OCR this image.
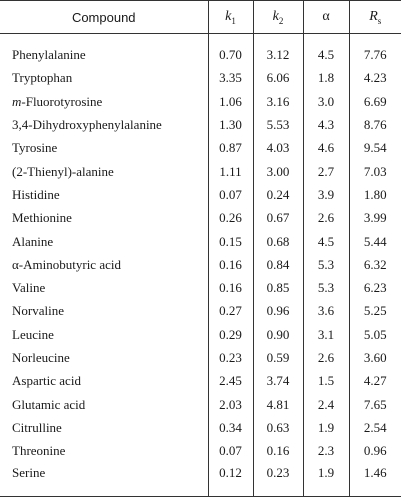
Compound	$k_1$	$k_2$	α	$R_s$

Phenylalanine	0.70	3.12	4.5	7.76
Tryptophan	3.35	6.06	1.8	4.23
m-Fluorotyrosine	1.06	3.16	3.0	6.69
3,4-Dihydroxyphenylalanine	1.30	5.53	4.3	8.76
Tyrosine	0.87	4.03	4.6	9.54
(2-Thienyl)-alanine	1.11	3.00	2.7	7.03
Histidine	0.07	0.24	3.9	1.80
Methionine	0.26	0.67	2.6	3.99
Alanine	0.15	0.68	4.5	5.44
α-Aminobutyric acid	0.16	0.84	5.3	6.32
Valine	0.16	0.85	5.3	6.23
Norvaline	0.27	0.96	3.6	5.25
Leucine	0.29	0.90	3.1	5.05
Norleucine	0.23	0.59	2.6	3.60
Aspartic acid	2.45	3.74	1.5	4.27
Glutamic acid	2.03	4.81	2.4	7.65
Citrulline	0.34	0.63	1.9	2.54
Threonine	0.07	0.16	2.3	0.96
Serine	0.12	0.23	1.9	1.46
